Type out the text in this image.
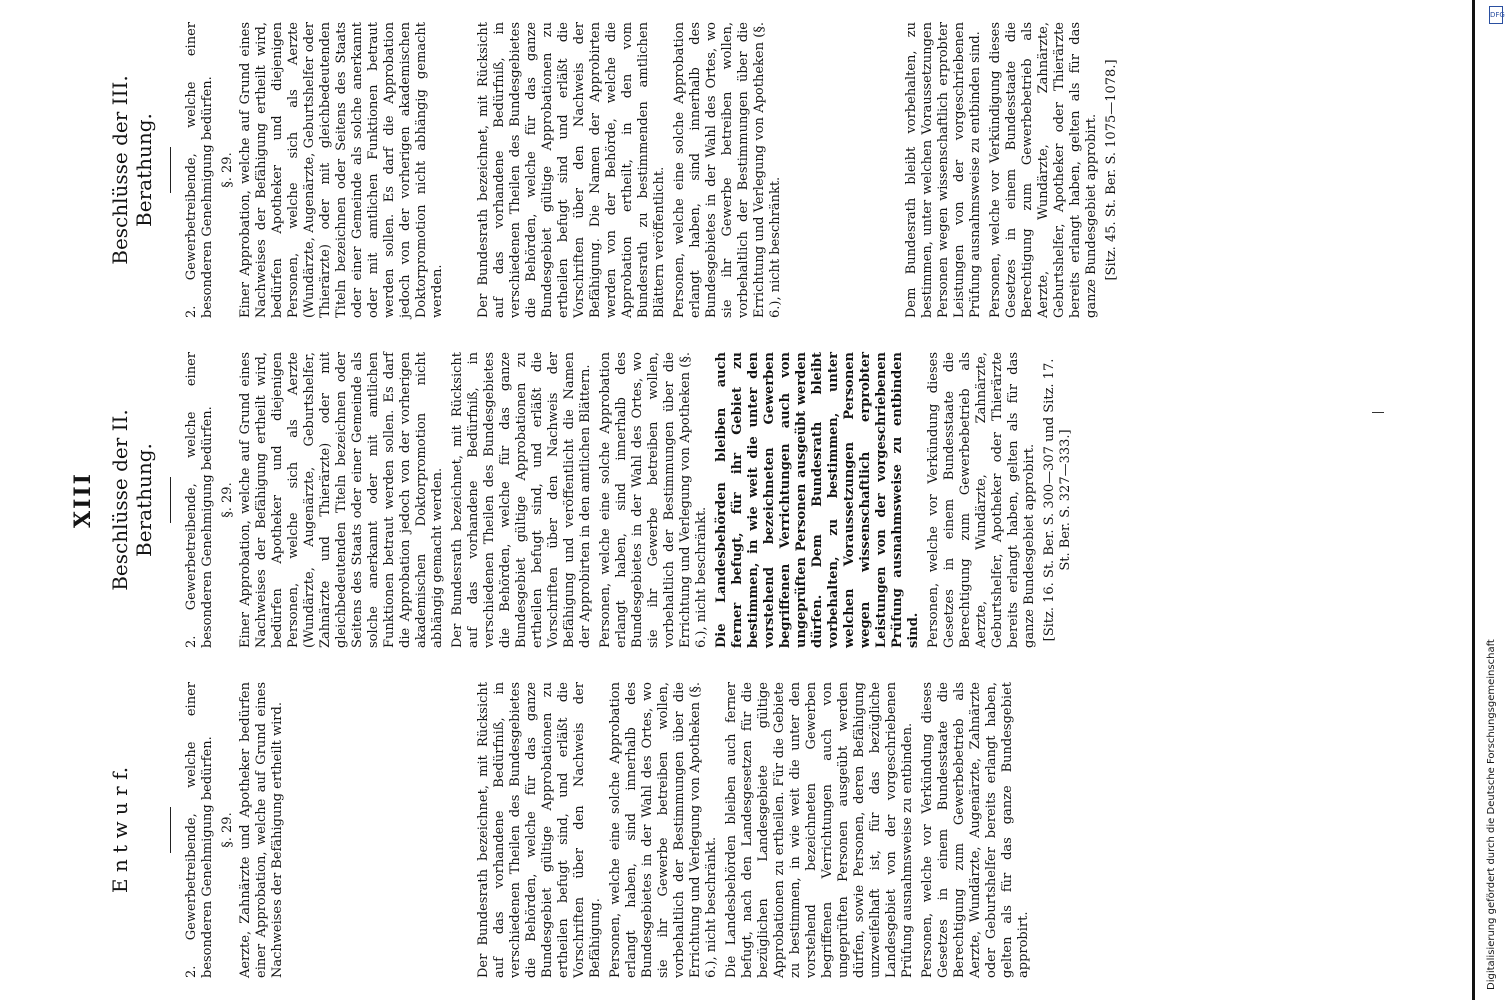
XIII
E n t w u r f.
Beschlüsse der II. Berathung.
Beschlüsse der III. Berathung.

2. Gewerbetreibende, welche einer besonderen Genehmigung bedürfen. §. 29. Aerzte, Zahnärzte und Apotheker bedürfen einer Approbation, welche auf Grund eines Nachweises der Befähigung ertheilt wird.	Der Bundesrath bezeichnet, mit Rücksicht auf das vorhandene Bedürfniß, in verschiedenen Theilen des Bundesgebietes die Behörden, welche für das ganze Bundesgebiet gültige Approbationen zu ertheilen befugt sind, und erläßt die Vorschriften über den Nachweis der Befähigung. Personen, welche eine solche Approbation erlangt haben, sind innerhalb des Bundesgebietes in der Wahl des Ortes, wo sie ihr Gewerbe betreiben wollen, vorbehaltlich der Bestimmungen über die Errichtung und Verlegung von Apotheken (§. 6.), nicht beschränkt. Die Landesbehörden bleiben auch ferner befugt, nach den Landesgesetzen für die bezüglichen Landesgebiete gültige Approbationen zu ertheilen. Für die Gebiete zu bestimmen, in wie weit die unter den vorstehend bezeichneten Gewerben begriffenen Verrichtungen auch von ungeprüften Personen ausgeübt werden dürfen, sowie Personen, deren Befähigung unzweifelhaft ist, für das bezügliche Landesgebiet von der vorgeschriebenen Prüfung ausnahmsweise zu entbinden. Personen, welche vor Verkündung dieses Gesetzes in einem Bundesstaate die Berechtigung zum Gewerbebetrieb als Aerzte, Wundärzte, Augenärzte, Zahnärzte oder Geburtshelfer bereits erlangt haben, gelten als für das ganze Bundesgebiet approbirt.

2. Gewerbetreibende, welche einer besonderen Genehmigung bedürfen. §. 29. Einer Approbation, welche auf Grund eines Nachweises der Befähigung ertheilt wird, bedürfen Apotheker und diejenigen Personen, welche sich als Aerzte (Wundärzte, Augenärzte, Geburtshelfer, Zahnärzte und Thierärzte) oder mit gleichbedeutenden Titeln bezeichnen oder Seitens des Staats oder einer Gemeinde als solche anerkannt oder mit amtlichen Funktionen betraut werden sollen. Es darf die Approbation jedoch von der vorherigen akademischen Doktorpromotion nicht abhängig gemacht werden. Der Bundesrath bezeichnet, mit Rücksicht auf das vorhandene Bedürfniß, in verschiedenen Theilen des Bundesgebietes die Behörden, welche für das ganze Bundesgebiet gültige Approbationen zu ertheilen befugt sind, und erläßt die Vorschriften über den Nachweis der Befähigung und veröffentlicht die Namen der Approbirten in den amtlichen Blättern. Personen, welche eine solche Approbation erlangt haben, sind innerhalb des Bundesgebietes in der Wahl des Ortes, wo sie ihr Gewerbe betreiben wollen, vorbehaltlich der Bestimmungen über die Errichtung und Verlegung von Apotheken (§. 6.), nicht beschränkt. Die Landesbehörden bleiben auch ferner befugt, für ihr Gebiet zu bestimmen, in wie weit die unter den vorstehend bezeichneten Gewerben begriffenen Verrichtungen auch von ungeprüften Personen ausgeübt werden dürfen. Dem Bundesrath bleibt vorbehalten, zu bestimmen, unter welchen Voraussetzungen Personen wegen wissenschaftlich erprobter Leistungen von der vorgeschriebenen Prüfung ausnahmsweise zu entbinden sind. Personen, welche vor Verkündung dieses Gesetzes in einem Bundesstaate die Berechtigung zum Gewerbebetrieb als Aerzte, Wundärzte, Zahnärzte, Geburtshelfer, Apotheker oder Thierärzte bereits erlangt haben, gelten als für das ganze Bundesgebiet approbirt. [Sitz. 16. St. Ber. S. 300—307 und Sitz. 17. St. Ber. S. 327—333.]

2. Gewerbetreibende, welche einer besonderen Genehmigung bedürfen. §. 29. Einer Approbation, welche auf Grund eines Nachweises der Befähigung ertheilt wird, bedürfen Apotheker und diejenigen Personen, welche sich als Aerzte (Wundärzte, Augenärzte, Geburtshelfer oder Thierärzte) oder mit gleichbedeutenden Titeln bezeichnen oder Seitens des Staats oder einer Gemeinde als solche anerkannt oder mit amtlichen Funktionen betraut werden sollen. Es darf die Approbation jedoch von der vorherigen akademischen Doktorpromotion nicht abhängig gemacht werden. Der Bundesrath bezeichnet, mit Rücksicht auf das vorhandene Bedürfniß, in verschiedenen Theilen des Bundesgebietes die Behörden, welche für das ganze Bundesgebiet gültige Approbationen zu ertheilen befugt sind und erläßt die Vorschriften über den Nachweis der Befähigung. Die Namen der Approbirten werden von der Behörde, welche die Approbation ertheilt, in den vom Bundesrath zu bestimmenden amtlichen Blättern veröffentlicht. Personen, welche eine solche Approbation erlangt haben, sind innerhalb des Bundesgebietes in der Wahl des Ortes, wo sie ihr Gewerbe betreiben wollen, vorbehaltlich der Bestimmungen über die Errichtung und Verlegung von Apotheken (§. 6.), nicht beschränkt.	Dem Bundesrath bleibt vorbehalten, zu bestimmen, unter welchen Voraussetzungen Personen wegen wissenschaftlich erprobter Leistungen von der vorgeschriebenen Prüfung ausnahmsweise zu entbinden sind. Personen, welche vor Verkündigung dieses Gesetzes in einem Bundesstaate die Berechtigung zum Gewerbebetrieb als Aerzte, Wundärzte, Zahnärzte, Geburtshelfer, Apotheker oder Thierärzte bereits erlangt haben, gelten als für das ganze Bundesgebiet approbirt. [Sitz. 45. St. Ber. S. 1075—1078.]

Digitalisierung gefördert durch die Deutsche Forschungsgemeinschaft
DFG
